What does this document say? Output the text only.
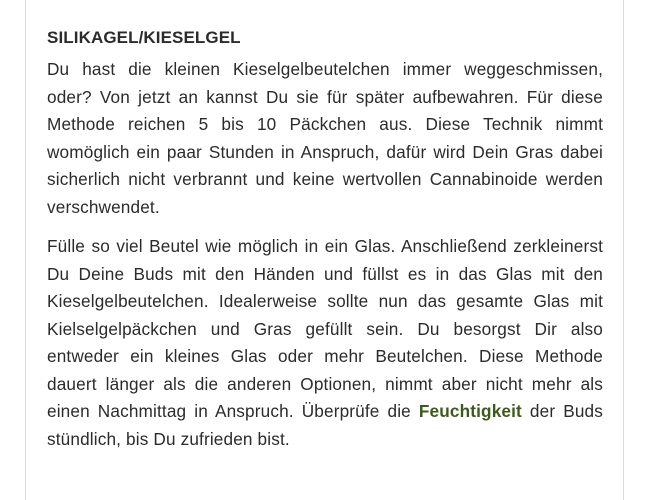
SILIKAGEL/KIESELGEL

Du hast die kleinen Kieselgelbeutelchen immer weggeschmissen, oder? Von jetzt an kannst Du sie für später aufbewahren. Für diese Methode reichen 5 bis 10 Päckchen aus. Diese Technik nimmt womöglich ein paar Stunden in Anspruch, dafür wird Dein Gras dabei sicherlich nicht verbrannt und keine wertvollen Cannabinoide werden verschwendet.

Fülle so viel Beutel wie möglich in ein Glas. Anschließend zerkleinerst Du Deine Buds mit den Händen und füllst es in das Glas mit den Kieselgelbeutelchen. Idealerweise sollte nun das gesamte Glas mit Kielselgelpäckchen und Gras gefüllt sein. Du besorgst Dir also entweder ein kleines Glas oder mehr Beutelchen. Diese Methode dauert länger als die anderen Optionen, nimmt aber nicht mehr als einen Nachmittag in Anspruch. Überprüfe die Feuchtigkeit der Buds stündlich, bis Du zufrieden bist.
